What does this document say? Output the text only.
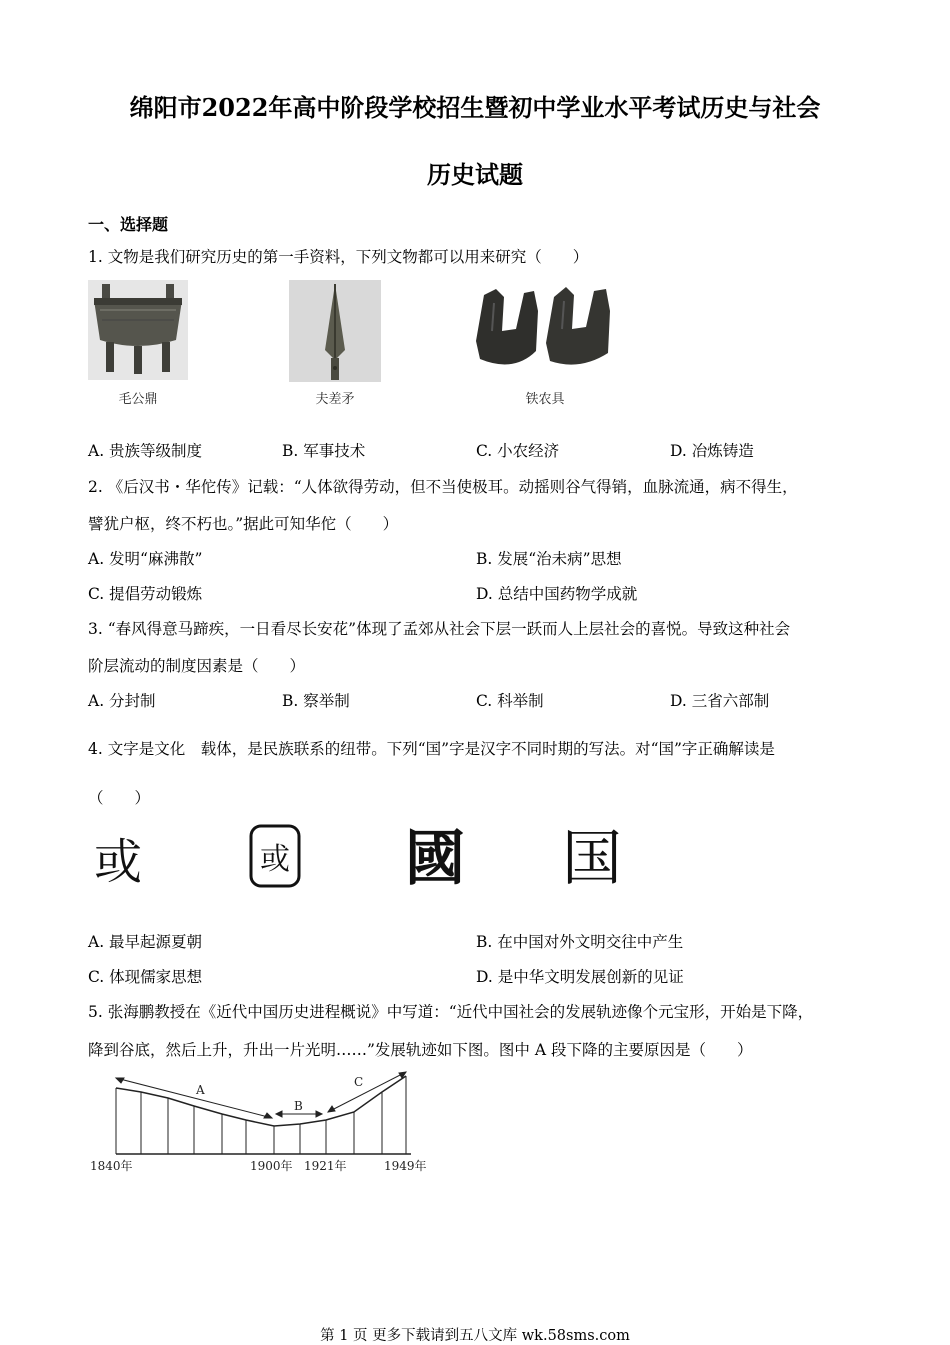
绵阳市2022年高中阶段学校招生暨初中学业水平考试历史与社会
历史试题
一、选择题
1. 文物是我们研究历史的第一手资料，下列文物都可以用来研究（　　）
毛公鼎	夫差矛	铁农具
A. 贵族等级制度	B. 军事技术	C. 小农经济	D. 冶炼铸造
2. 《后汉书・华佗传》记载：“人体欲得劳动，但不当使极耳。动摇则谷气得销，血脉流通，病不得生，
譬犹户枢，终不朽也。”据此可知华佗（　　）
A. 发明“麻沸散”	B. 发展“治未病”思想
C. 提倡劳动锻炼	D. 总结中国药物学成就
3. “春风得意马蹄疾，一日看尽长安花”体现了孟郊从社会下层一跃而人上层社会的喜悦。导致这种社会
阶层流动的制度因素是（　　）
A. 分封制	B. 察举制	C. 科举制	D. 三省六部制
4. 文字是文化　载体，是民族联系的纽带。下列“国”字是汉字不同时期的写法。对“国”字正确解读是
（　　）
或	或 國 国
A. 最早起源夏朝	B. 在中国对外文明交往中产生
C. 体现儒家思想	D. 是中华文明发展创新的见证
5. 张海鹏教授在《近代中国历史进程概说》中写道：“近代中国社会的发展轨迹像个元宝形，开始是下降，
降到谷底，然后上升，升出一片光明……”发展轨迹如下图。图中 A 段下降的主要原因是（　　）
A
B
C
1840年	1900年 1921年	1949年
第 1 页 更多下载请到五八文库 wk.58sms.com
